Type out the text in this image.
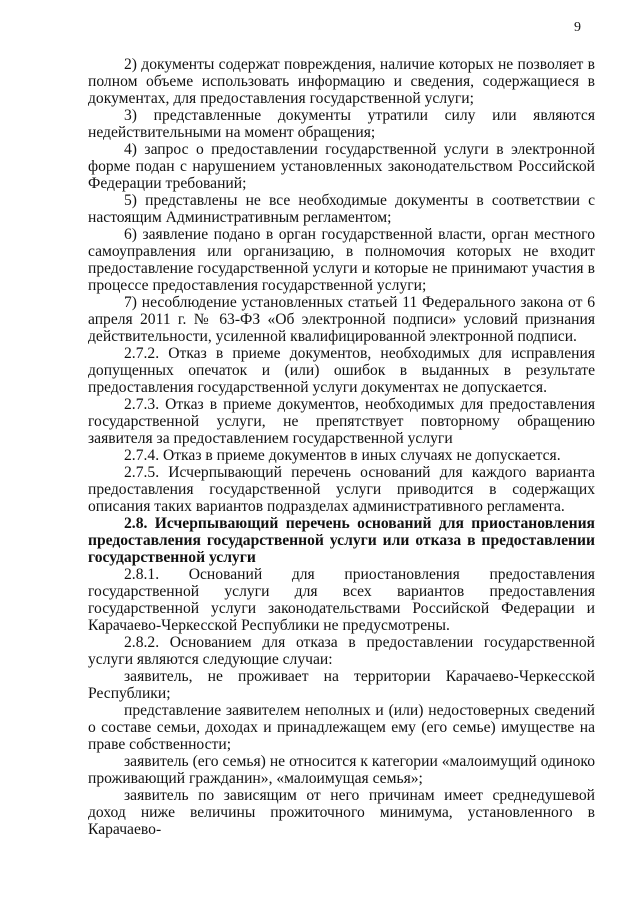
9

2) документы содержат повреждения, наличие которых не позволяет в полном объеме использовать информацию и сведения, содержащиеся в документах, для предоставления государственной услуги;

3) представленные документы утратили силу или являются недействительными на момент обращения;

4) запрос о предоставлении государственной услуги в электронной форме подан с нарушением установленных законодательством Российской Федерации требований;

5) представлены не все необходимые документы в соответствии с настоящим Административным регламентом;

6) заявление подано в орган государственной власти, орган местного самоуправления или организацию, в полномочия которых не входит предоставление государственной услуги и которые не принимают участия в процессе предоставления государственной услуги;

7) несоблюдение установленных статьей 11 Федерального закона от 6 апреля 2011 г. № 63-ФЗ «Об электронной подписи» условий признания действительности, усиленной квалифицированной электронной подписи.

2.7.2. Отказ в приеме документов, необходимых для исправления допущенных опечаток и (или) ошибок в выданных в результате предоставления государственной услуги документах не допускается.

2.7.3. Отказ в приеме документов, необходимых для предоставления государственной услуги, не препятствует повторному обращению заявителя за предоставлением государственной услуги

2.7.4. Отказ в приеме документов в иных случаях не допускается.

2.7.5. Исчерпывающий перечень оснований для каждого варианта предоставления государственной услуги приводится в содержащих описания таких вариантов подразделах административного регламента.

2.8. Исчерпывающий перечень оснований для приостановления предоставления государственной услуги или отказа в предоставлении государственной услуги

2.8.1. Оснований для приостановления предоставления государственной услуги для всех вариантов предоставления государственной услуги законодательствами Российской Федерации и Карачаево-Черкесской Республики не предусмотрены.

2.8.2. Основанием для отказа в предоставлении государственной услуги являются следующие случаи:

заявитель, не проживает на территории Карачаево-Черкесской Республики;

представление заявителем неполных и (или) недостоверных сведений о составе семьи, доходах и принадлежащем ему (его семье) имуществе на праве собственности;

заявитель (его семья) не относится к категории «малоимущий одиноко проживающий гражданин», «малоимущая семья»;

заявитель по зависящим от него причинам имеет среднедушевой доход ниже величины прожиточного минимума, установленного в Карачаево-
